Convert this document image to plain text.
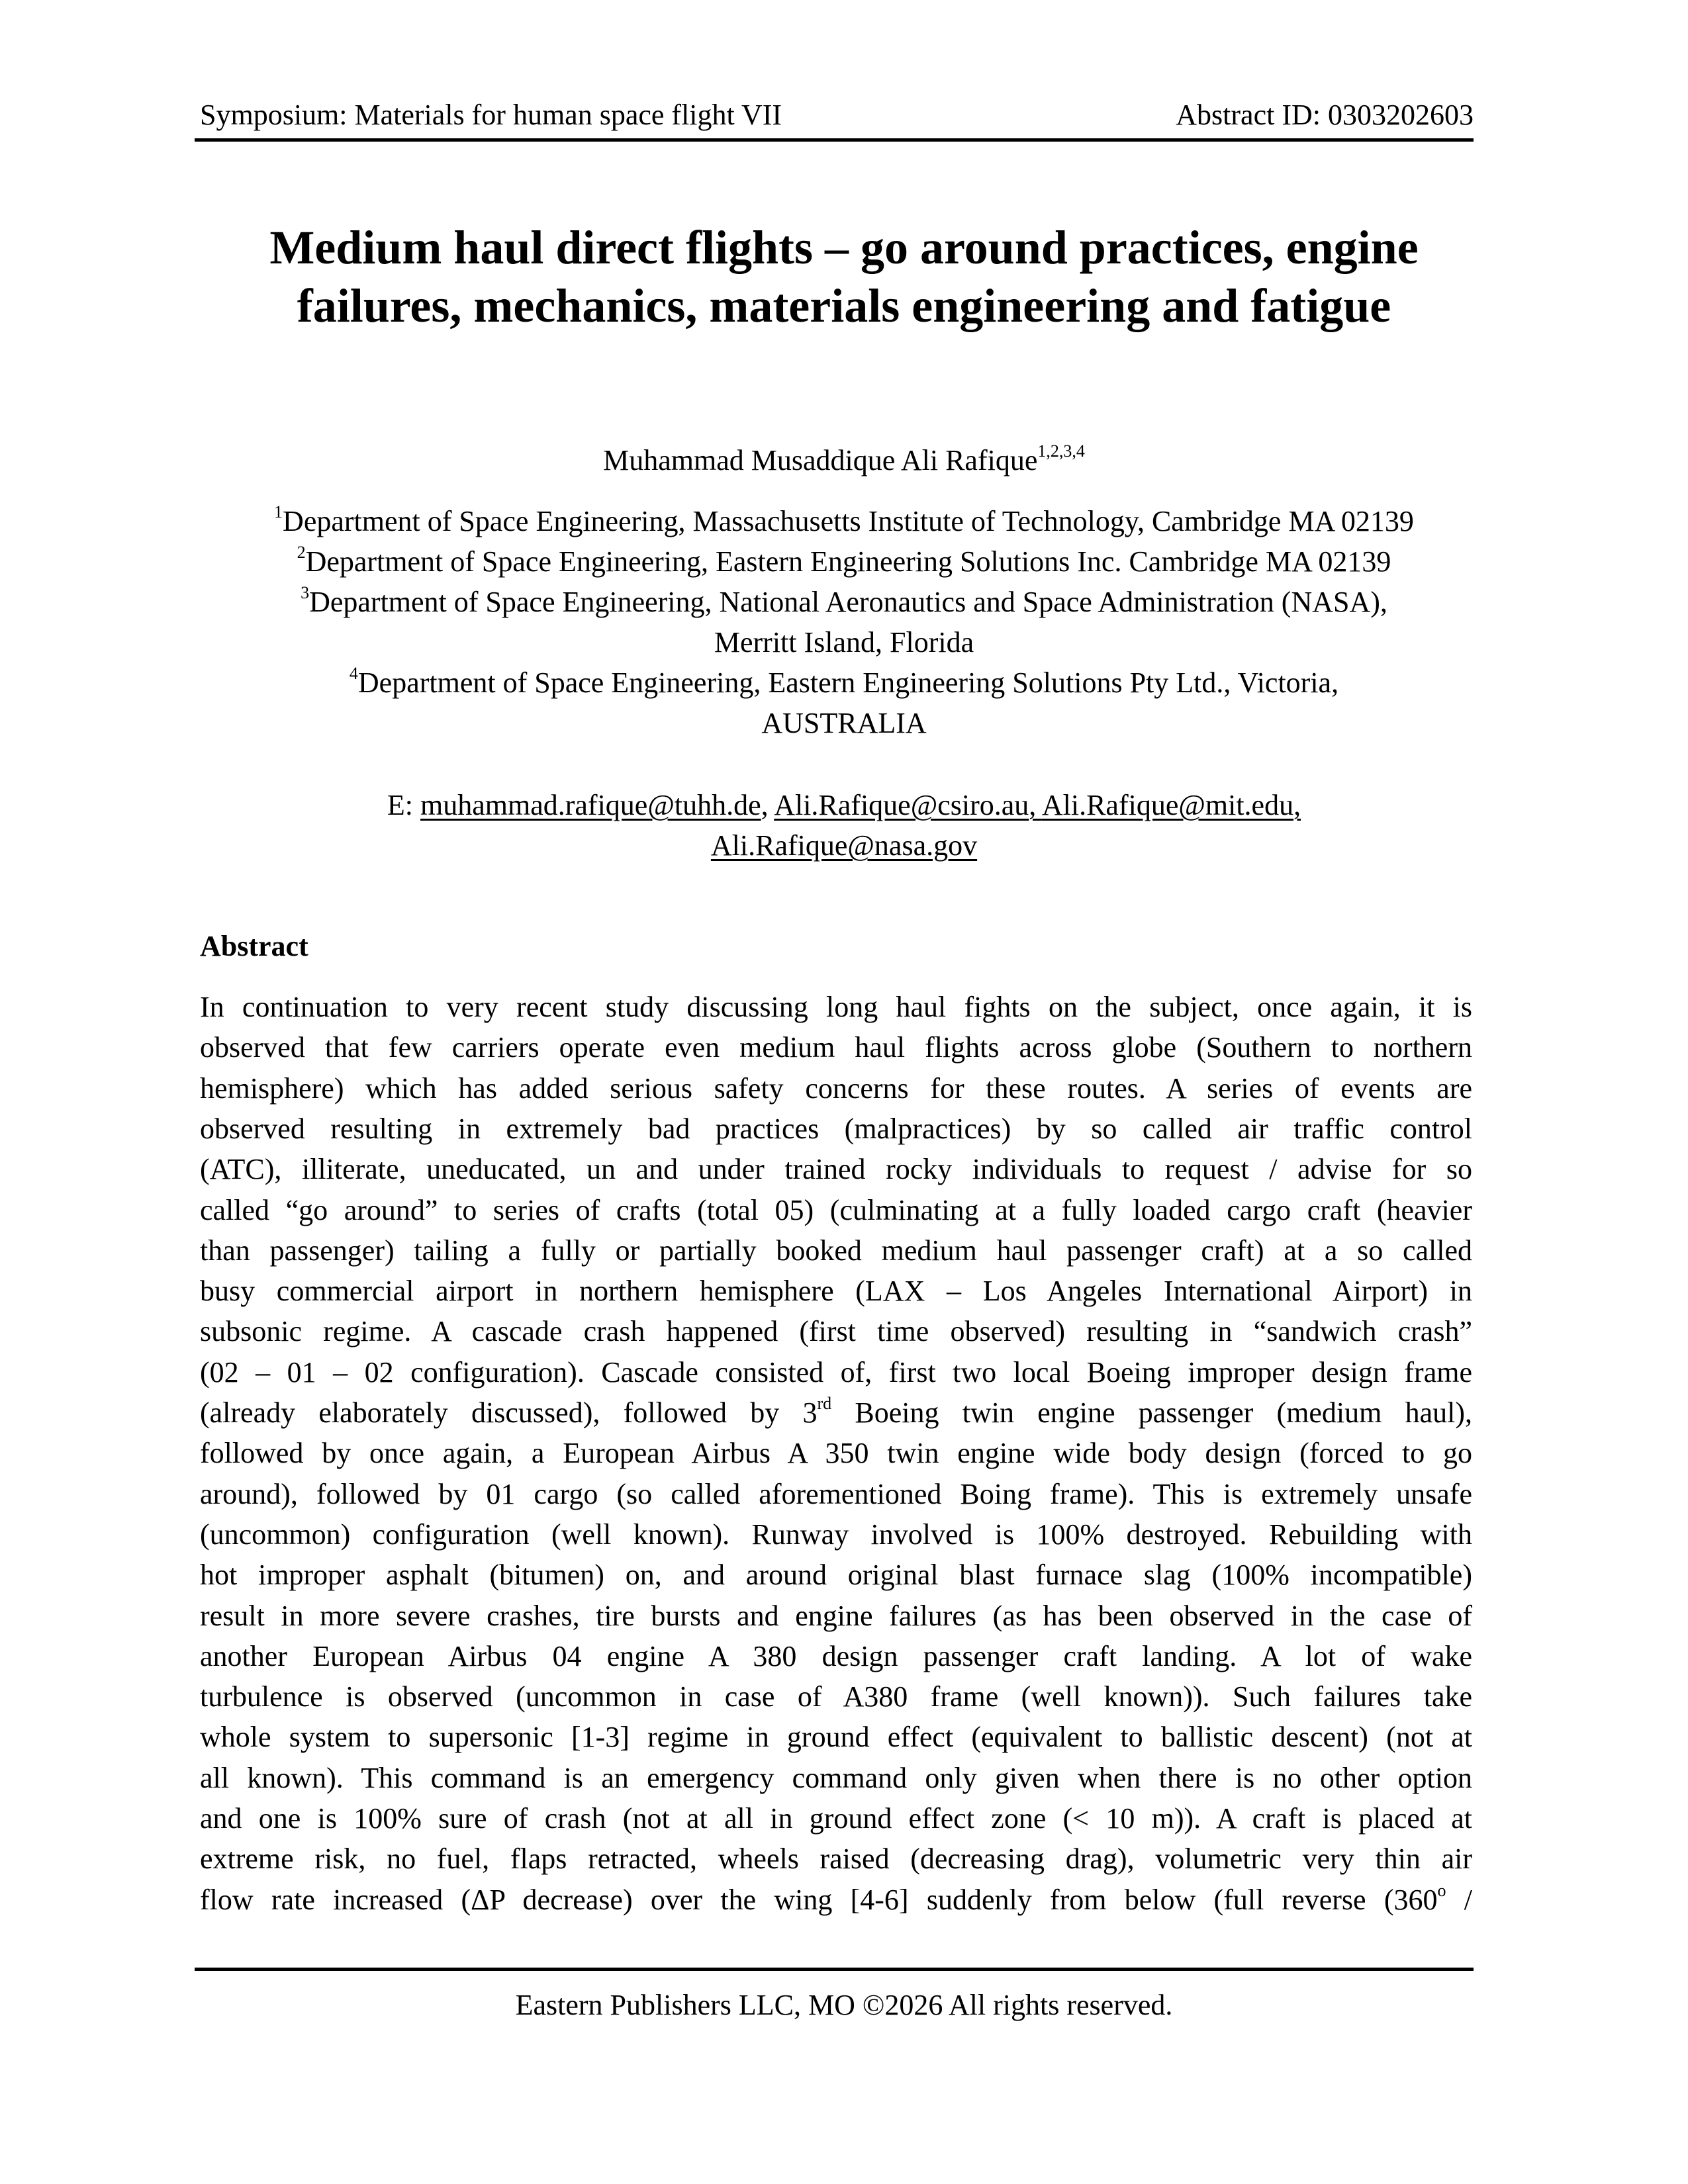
Symposium: Materials for human space flight VII	Abstract ID: 0303202603
Medium haul direct flights – go around practices, engine
failures, mechanics, materials engineering and fatigue
Muhammad Musaddique Ali Rafique$^{1,2,3,4}$
$^1$Department of Space Engineering, Massachusetts Institute of Technology, Cambridge MA 02139
$^2$Department of Space Engineering, Eastern Engineering Solutions Inc. Cambridge MA 02139
$^3$Department of Space Engineering, National Aeronautics and Space Administration (NASA),
Merritt Island, Florida
$^4$Department of Space Engineering, Eastern Engineering Solutions Pty Ltd., Victoria,
AUSTRALIA
E: muhammad.rafique@tuhh.de, Ali.Rafique@csiro.au, Ali.Rafique@mit.edu,
Ali.Rafique@nasa.gov
Abstract
In continuation to very recent study discussing long haul fights on the subject, once again, it is
observed that few carriers operate even medium haul flights across globe (Southern to northern
hemisphere) which has added serious safety concerns for these routes. A series of events are
observed resulting in extremely bad practices (malpractices) by so called air traffic control
(ATC), illiterate, uneducated, un and under trained rocky individuals to request / advise for so
called “go around” to series of crafts (total 05) (culminating at a fully loaded cargo craft (heavier
than passenger) tailing a fully or partially booked medium haul passenger craft) at a so called
busy commercial airport in northern hemisphere (LAX – Los Angeles International Airport) in
subsonic regime. A cascade crash happened (first time observed) resulting in “sandwich crash”
(02 – 01 – 02 configuration). Cascade consisted of, first two local Boeing improper design frame
(already elaborately discussed), followed by 3rd Boeing twin engine passenger (medium haul),
followed by once again, a European Airbus A 350 twin engine wide body design (forced to go
around), followed by 01 cargo (so called aforementioned Boing frame). This is extremely unsafe
(uncommon) configuration (well known). Runway involved is 100% destroyed. Rebuilding with
hot improper asphalt (bitumen) on, and around original blast furnace slag (100% incompatible)
result in more severe crashes, tire bursts and engine failures (as has been observed in the case of
another European Airbus 04 engine A 380 design passenger craft landing. A lot of wake
turbulence is observed (uncommon in case of A380 frame (well known)). Such failures take
whole system to supersonic [1-3] regime in ground effect (equivalent to ballistic descent) (not at
all known). This command is an emergency command only given when there is no other option
and one is 100% sure of crash (not at all in ground effect zone (< 10 m)). A craft is placed at
extreme risk, no fuel, flaps retracted, wheels raised (decreasing drag), volumetric very thin air
flow rate increased (ΔP decrease) over the wing [4-6] suddenly from below (full reverse (360$^o$ /
Eastern Publishers LLC, MO ©2026 All rights reserved.
